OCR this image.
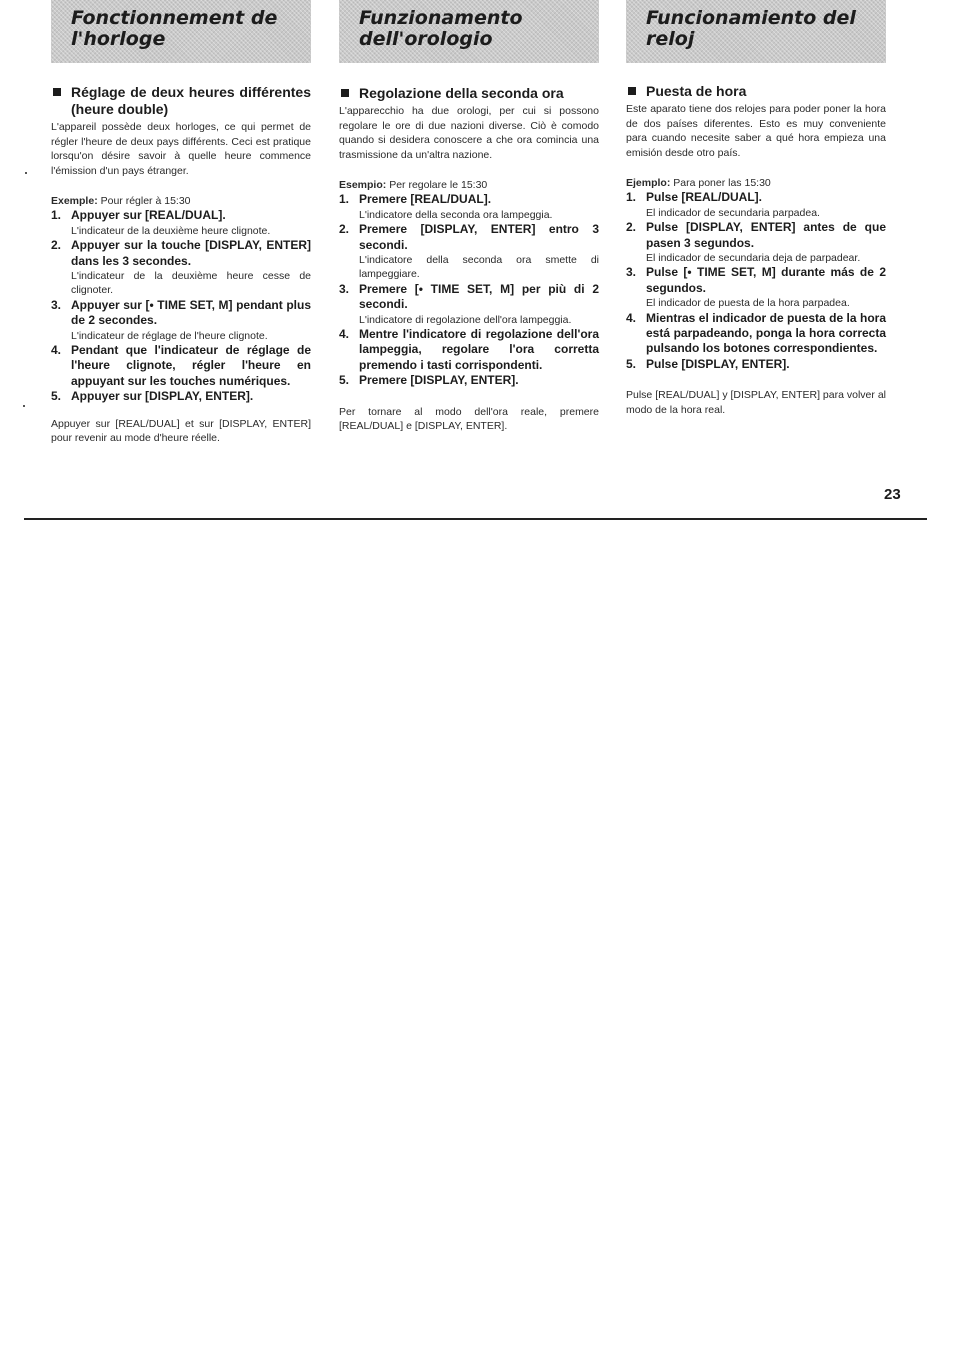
Fonctionnement de
l'horloge
Réglage de deux heures différentes (heure double)

L'appareil possède deux horloges, ce qui permet de régler l'heure de deux pays différents. Ceci est pratique lorsqu'on désire savoir à quelle heure commence l'émission d'un pays étranger.

Exemple: Pour régler à 15:30

1. Appuyer sur [REAL/DUAL].

L'indicateur de la deuxième heure clignote.

2. Appuyer sur la touche [DISPLAY, ENTER] dans les 3 secondes.

L'indicateur de la deuxième heure cesse de clignoter.

3. Appuyer sur [• TIME SET, M] pendant plus de 2 secondes.

L'indicateur de réglage de l'heure clignote.

4. Pendant que l'indicateur de réglage de l'heure clignote, régler l'heure en appuyant sur les touches numériques.

5. Appuyer sur [DISPLAY, ENTER].

Appuyer sur [REAL/DUAL] et sur [DISPLAY, ENTER] pour revenir au mode d'heure réelle.

Funzionamento
dell'orologio
Regolazione della seconda ora

L'apparecchio ha due orologi, per cui si possono regolare le ore di due nazioni diverse. Ciò è comodo quando si desidera conoscere a che ora comincia una trasmissione da un'altra nazione.

Esempio: Per regolare le 15:30

1. Premere [REAL/DUAL].

L'indicatore della seconda ora lampeggia.

2. Premere [DISPLAY, ENTER] entro 3 secondi.

L'indicatore della seconda ora smette di lampeggiare.

3. Premere [• TIME SET, M] per più di 2 secondi.

L'indicatore di regolazione dell'ora lampeggia.

4. Mentre l'indicatore di regolazione dell'ora lampeggia, regolare l'ora corretta premendo i tasti corrispondenti.

5. Premere [DISPLAY, ENTER].

Per tornare al modo dell'ora reale, premere [REAL/DUAL] e [DISPLAY, ENTER].

Funcionamiento del
reloj
Puesta de hora

Este aparato tiene dos relojes para poder poner la hora de dos países diferentes. Esto es muy conveniente para cuando necesite saber a qué hora empieza una emisión desde otro país.

Ejemplo: Para poner las 15:30

1. Pulse [REAL/DUAL].

El indicador de secundaria parpadea.

2. Pulse [DISPLAY, ENTER] antes de que pasen 3 segundos.

El indicador de secundaria deja de parpadear.

3. Pulse [• TIME SET, M] durante más de 2 segundos.

El indicador de puesta de la hora parpadea.

4. Mientras el indicador de puesta de la hora está parpadeando, ponga la hora correcta pulsando los botones correspondientes.

5. Pulse [DISPLAY, ENTER].

Pulse [REAL/DUAL] y [DISPLAY, ENTER] para volver al modo de la hora real.

23
